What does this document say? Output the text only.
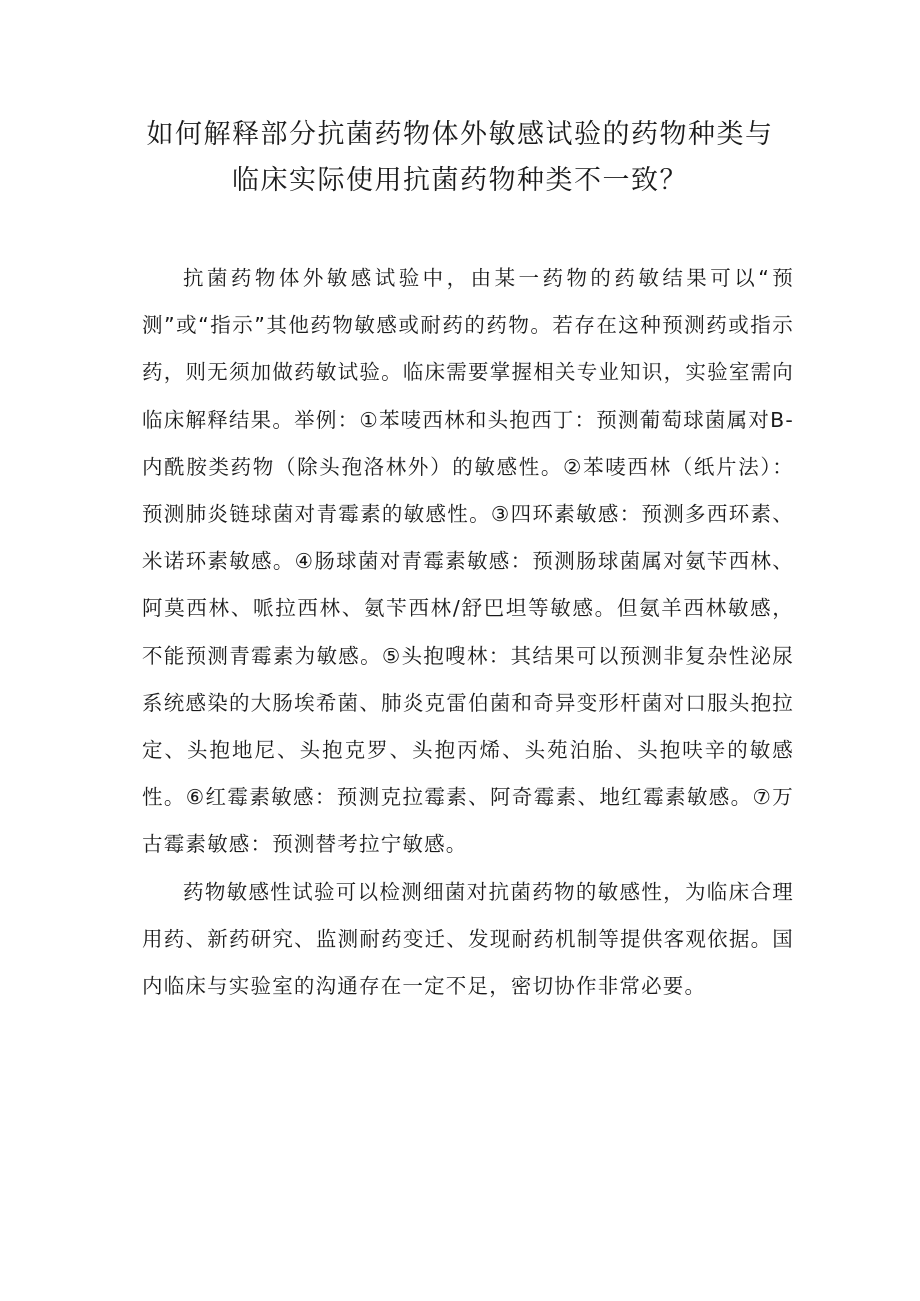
如何解释部分抗菌药物体外敏感试验的药物种类与
临床实际使用抗菌药物种类不一致？

抗菌药物体外敏感试验中，由某一药物的药敏结果可以“预测”或“指示”其他药物敏感或耐药的药物。若存在这种预测药或指示药，则无须加做药敏试验。临床需要掌握相关专业知识，实验室需向临床解释结果。举例：①苯唛西林和头抱西丁：预测葡萄球菌属对B-内酰胺类药物（除头孢洛林外）的敏感性。②苯唛西林（纸片法）：预测肺炎链球菌对青霉素的敏感性。③四环素敏感：预测多西环素、米诺环素敏感。④肠球菌对青霉素敏感：预测肠球菌属对氨苄西林、阿莫西林、哌拉西林、氨苄西林/舒巴坦等敏感。但氨羊西林敏感，不能预测青霉素为敏感。⑤头抱嗖林：其结果可以预测非复杂性泌尿系统感染的大肠埃希菌、肺炎克雷伯菌和奇异变形杆菌对口服头抱拉定、头抱地尼、头抱克罗、头抱丙烯、头苑泊胎、头抱呋辛的敏感性。⑥红霉素敏感：预测克拉霉素、阿奇霉素、地红霉素敏感。⑦万古霉素敏感：预测替考拉宁敏感。

药物敏感性试验可以检测细菌对抗菌药物的敏感性，为临床合理用药、新药研究、监测耐药变迁、发现耐药机制等提供客观依据。国内临床与实验室的沟通存在一定不足，密切协作非常必要。
